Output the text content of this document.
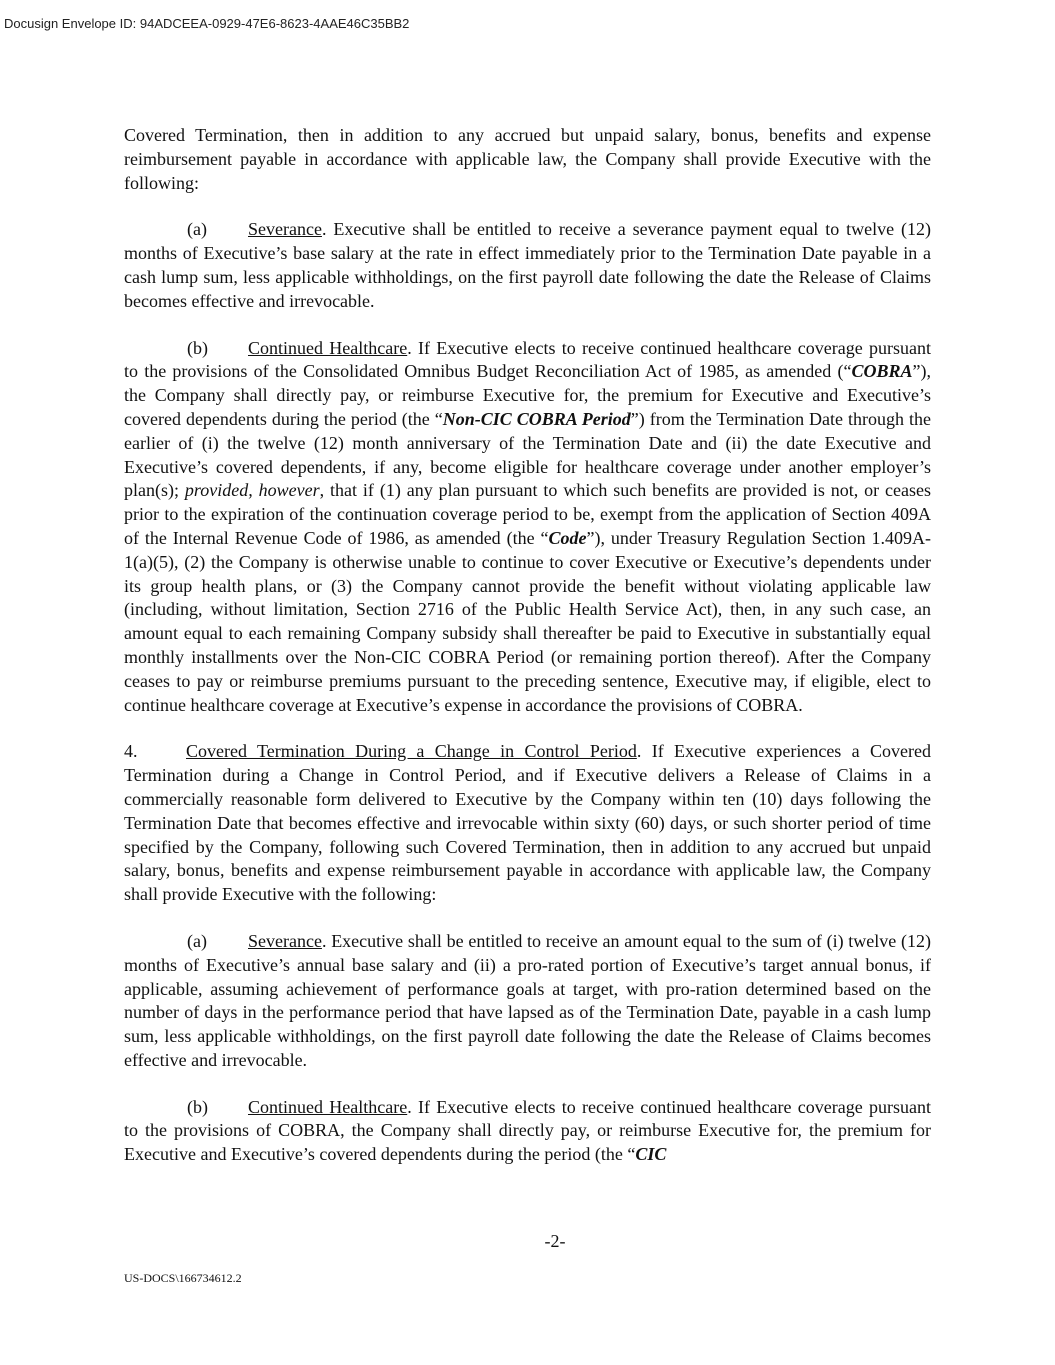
Docusign Envelope ID: 94ADCEEA-0929-47E6-8623-4AAE46C35BB2

Covered Termination, then in addition to any accrued but unpaid salary, bonus, benefits and expense reimbursement payable in accordance with applicable law, the Company shall provide Executive with the following:

(a) Severance. Executive shall be entitled to receive a severance payment equal to twelve (12) months of Executive’s base salary at the rate in effect immediately prior to the Termination Date payable in a cash lump sum, less applicable withholdings, on the first payroll date following the date the Release of Claims becomes effective and irrevocable.

(b) Continued Healthcare. If Executive elects to receive continued healthcare coverage pursuant to the provisions of the Consolidated Omnibus Budget Reconciliation Act of 1985, as amended (“COBRA”), the Company shall directly pay, or reimburse Executive for, the premium for Executive and Executive’s covered dependents during the period (the “Non-CIC COBRA Period”) from the Termination Date through the earlier of (i) the twelve (12) month anniversary of the Termination Date and (ii) the date Executive and Executive’s covered dependents, if any, become eligible for healthcare coverage under another employer’s plan(s); provided, however, that if (1) any plan pursuant to which such benefits are provided is not, or ceases prior to the expiration of the continuation coverage period to be, exempt from the application of Section 409A of the Internal Revenue Code of 1986, as amended (the “Code”), under Treasury Regulation Section 1.409A-1(a)(5), (2) the Company is otherwise unable to continue to cover Executive or Executive’s dependents under its group health plans, or (3) the Company cannot provide the benefit without violating applicable law (including, without limitation, Section 2716 of the Public Health Service Act), then, in any such case, an amount equal to each remaining Company subsidy shall thereafter be paid to Executive in substantially equal monthly installments over the Non-CIC COBRA Period (or remaining portion thereof). After the Company ceases to pay or reimburse premiums pursuant to the preceding sentence, Executive may, if eligible, elect to continue healthcare coverage at Executive’s expense in accordance the provisions of COBRA.

4.	Covered Termination During a Change in Control Period. If Executive experiences a Covered Termination during a Change in Control Period, and if Executive delivers a Release of Claims in a commercially reasonable form delivered to Executive by the Company within ten (10) days following the Termination Date that becomes effective and irrevocable within sixty (60) days, or such shorter period of time specified by the Company, following such Covered Termination, then in addition to any accrued but unpaid salary, bonus, benefits and expense reimbursement payable in accordance with applicable law, the Company shall provide Executive with the following:

(a) Severance. Executive shall be entitled to receive an amount equal to the sum of (i) twelve (12) months of Executive’s annual base salary and (ii) a pro-rated portion of Executive’s target annual bonus, if applicable, assuming achievement of performance goals at target, with pro-ration determined based on the number of days in the performance period that have lapsed as of the Termination Date, payable in a cash lump sum, less applicable withholdings, on the first payroll date following the date the Release of Claims becomes effective and irrevocable.

(b) Continued Healthcare. If Executive elects to receive continued healthcare coverage pursuant to the provisions of COBRA, the Company shall directly pay, or reimburse Executive for, the premium for Executive and Executive’s covered dependents during the period (the “CIC

-2-
US-DOCS\166734612.2
